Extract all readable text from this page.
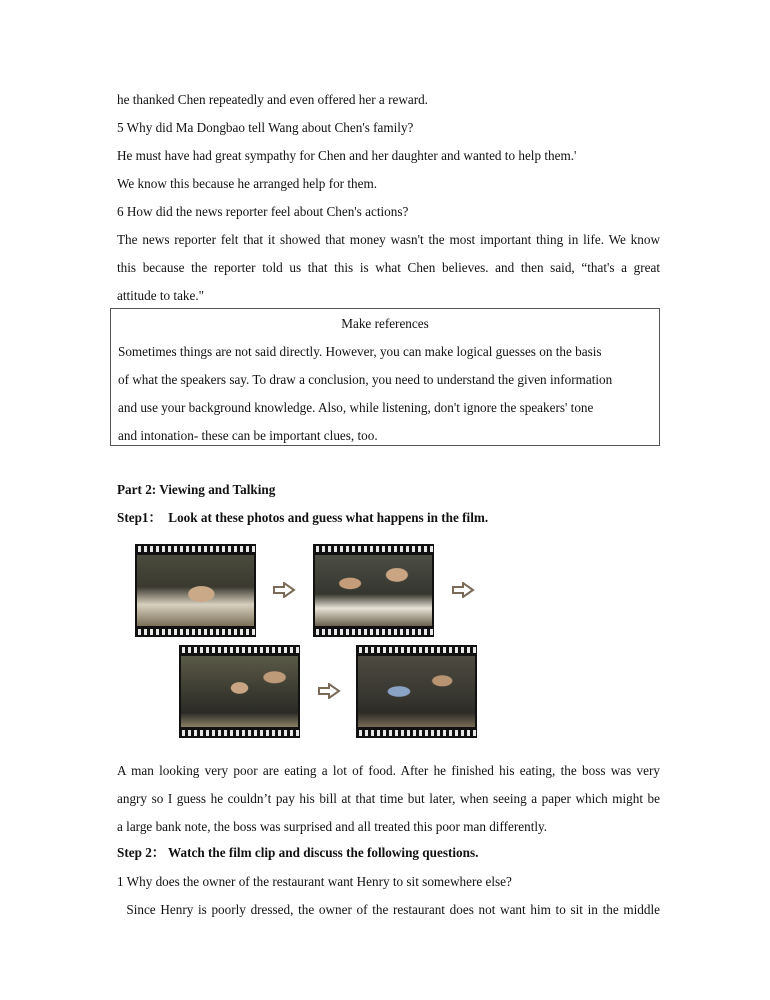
he thanked Chen repeatedly and even offered her a reward.
5 Why did Ma Dongbao tell Wang about Chen's family?
He must have had great sympathy for Chen and her daughter and wanted to help them.'
We know this because he arranged help for them.
6 How did the news reporter feel about Chen's actions?
The news reporter felt that it showed that money wasn't the most important thing in life. We know
this because the reporter told us that this is what Chen believes. and then said, “that's a great
attitude to take."
Make references
Sometimes things are not said directly. However, you can make logical guesses on the basis
of what the speakers say. To draw a conclusion, you need to understand the given information
and use your background knowledge. Also, while listening, don't ignore the speakers' tone
and intonation- these can be important clues, too.
Part 2: Viewing and Talking
Step1：  Look at these photos and guess what happens in the film.
A man looking very poor are eating a lot of food. After he finished his eating, the boss was very
angry so I guess he couldn’t pay his bill at that time but later, when seeing a paper which might be
a large bank note, the boss was surprised and all treated this poor man differently.
Step 2： Watch the film clip and discuss the following questions.
1 Why does the owner of the restaurant want Henry to sit somewhere else?
Since Henry is poorly dressed, the owner of the restaurant does not want him to sit in the middle
